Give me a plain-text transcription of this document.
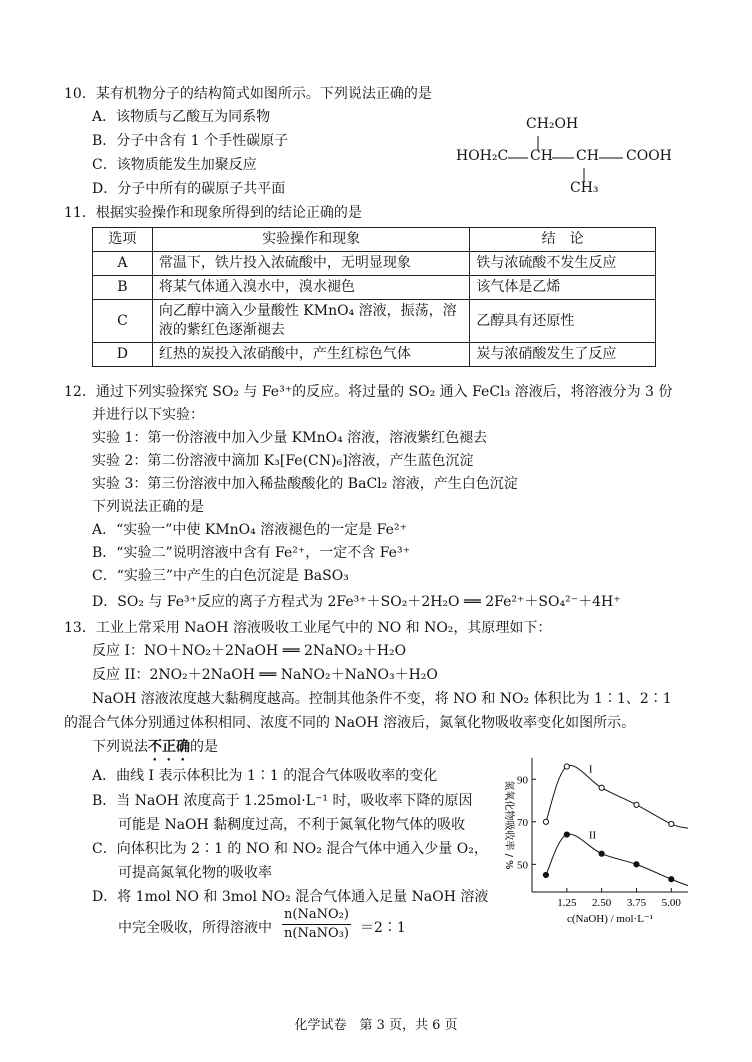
10．某有机物分子的结构简式如图所示。下列说法正确的是
A．该物质与乙酸互为同系物
B．分子中含有 1 个手性碳原子
C．该物质能发生加聚反应
D．分子中所有的碳原子共平面
CH₂OH
HOH₂C CH CH COOH
CH₃
11．根据实验操作和现象所得到的结论正确的是
选项	实验操作和现象	结　论
A	常温下，铁片投入浓硫酸中，无明显现象	铁与浓硫酸不发生反应
B	将某气体通入溴水中，溴水褪色	该气体是乙烯
C	向乙醇中滴入少量酸性 KMnO₄ 溶液，振荡，溶液的紫红色逐渐褪去	乙醇具有还原性
D	红热的炭投入浓硝酸中，产生红棕色气体	炭与浓硝酸发生了反应
12．通过下列实验探究 SO₂ 与 Fe³⁺的反应。将过量的 SO₂ 通入 FeCl₃ 溶液后，将溶液分为 3 份
并进行以下实验：
实验 1：第一份溶液中加入少量 KMnO₄ 溶液，溶液紫红色褪去
实验 2：第二份溶液中滴加 K₃[Fe(CN)₆]溶液，产生蓝色沉淀
实验 3：第三份溶液中加入稀盐酸酸化的 BaCl₂ 溶液，产生白色沉淀
下列说法正确的是
A．“实验一”中使 KMnO₄ 溶液褪色的一定是 Fe²⁺
B．“实验二”说明溶液中含有 Fe²⁺，一定不含 Fe³⁺
C．“实验三”中产生的白色沉淀是 BaSO₃
D．SO₂ 与 Fe³⁺反应的离子方程式为 2Fe³⁺＋SO₂＋2H₂O ══ 2Fe²⁺＋SO₄²⁻＋4H⁺
13．工业上常采用 NaOH 溶液吸收工业尾气中的 NO 和 NO₂，其原理如下：
反应 I：NO＋NO₂＋2NaOH ══ 2NaNO₂＋H₂O
反应 II：2NO₂＋2NaOH ══ NaNO₂＋NaNO₃＋H₂O
NaOH 溶液浓度越大黏稠度越高。控制其他条件不变，将 NO 和 NO₂ 体积比为 1∶1、2∶1
的混合气体分别通过体积相同、浓度不同的 NaOH 溶液后，氮氧化物吸收率变化如图所示。
下列说法不正确的是
A．曲线 I 表示体积比为 1∶1 的混合气体吸收率的变化
B．当 NaOH 浓度高于 1.25mol·L⁻¹ 时，吸收率下降的原因
可能是 NaOH 黏稠度过高，不利于氮氧化物气体的吸收
C．向体积比为 2∶1 的 NO 和 NO₂ 混合气体中通入少量 O₂，
可提高氮氧化物的吸收率
D．将 1mol NO 和 3mol NO₂ 混合气体通入足量 NaOH 溶液
中完全吸收，所得溶液中
n(NaNO₂)
n(NaNO₃) ＝2∶1
50
70
90
1.25 2.50 3.75 5.00
c(NaOH) / mol·L⁻¹
氮氧化物吸收率 / %
I
II
化学试卷　第 3 页，共 6 页
